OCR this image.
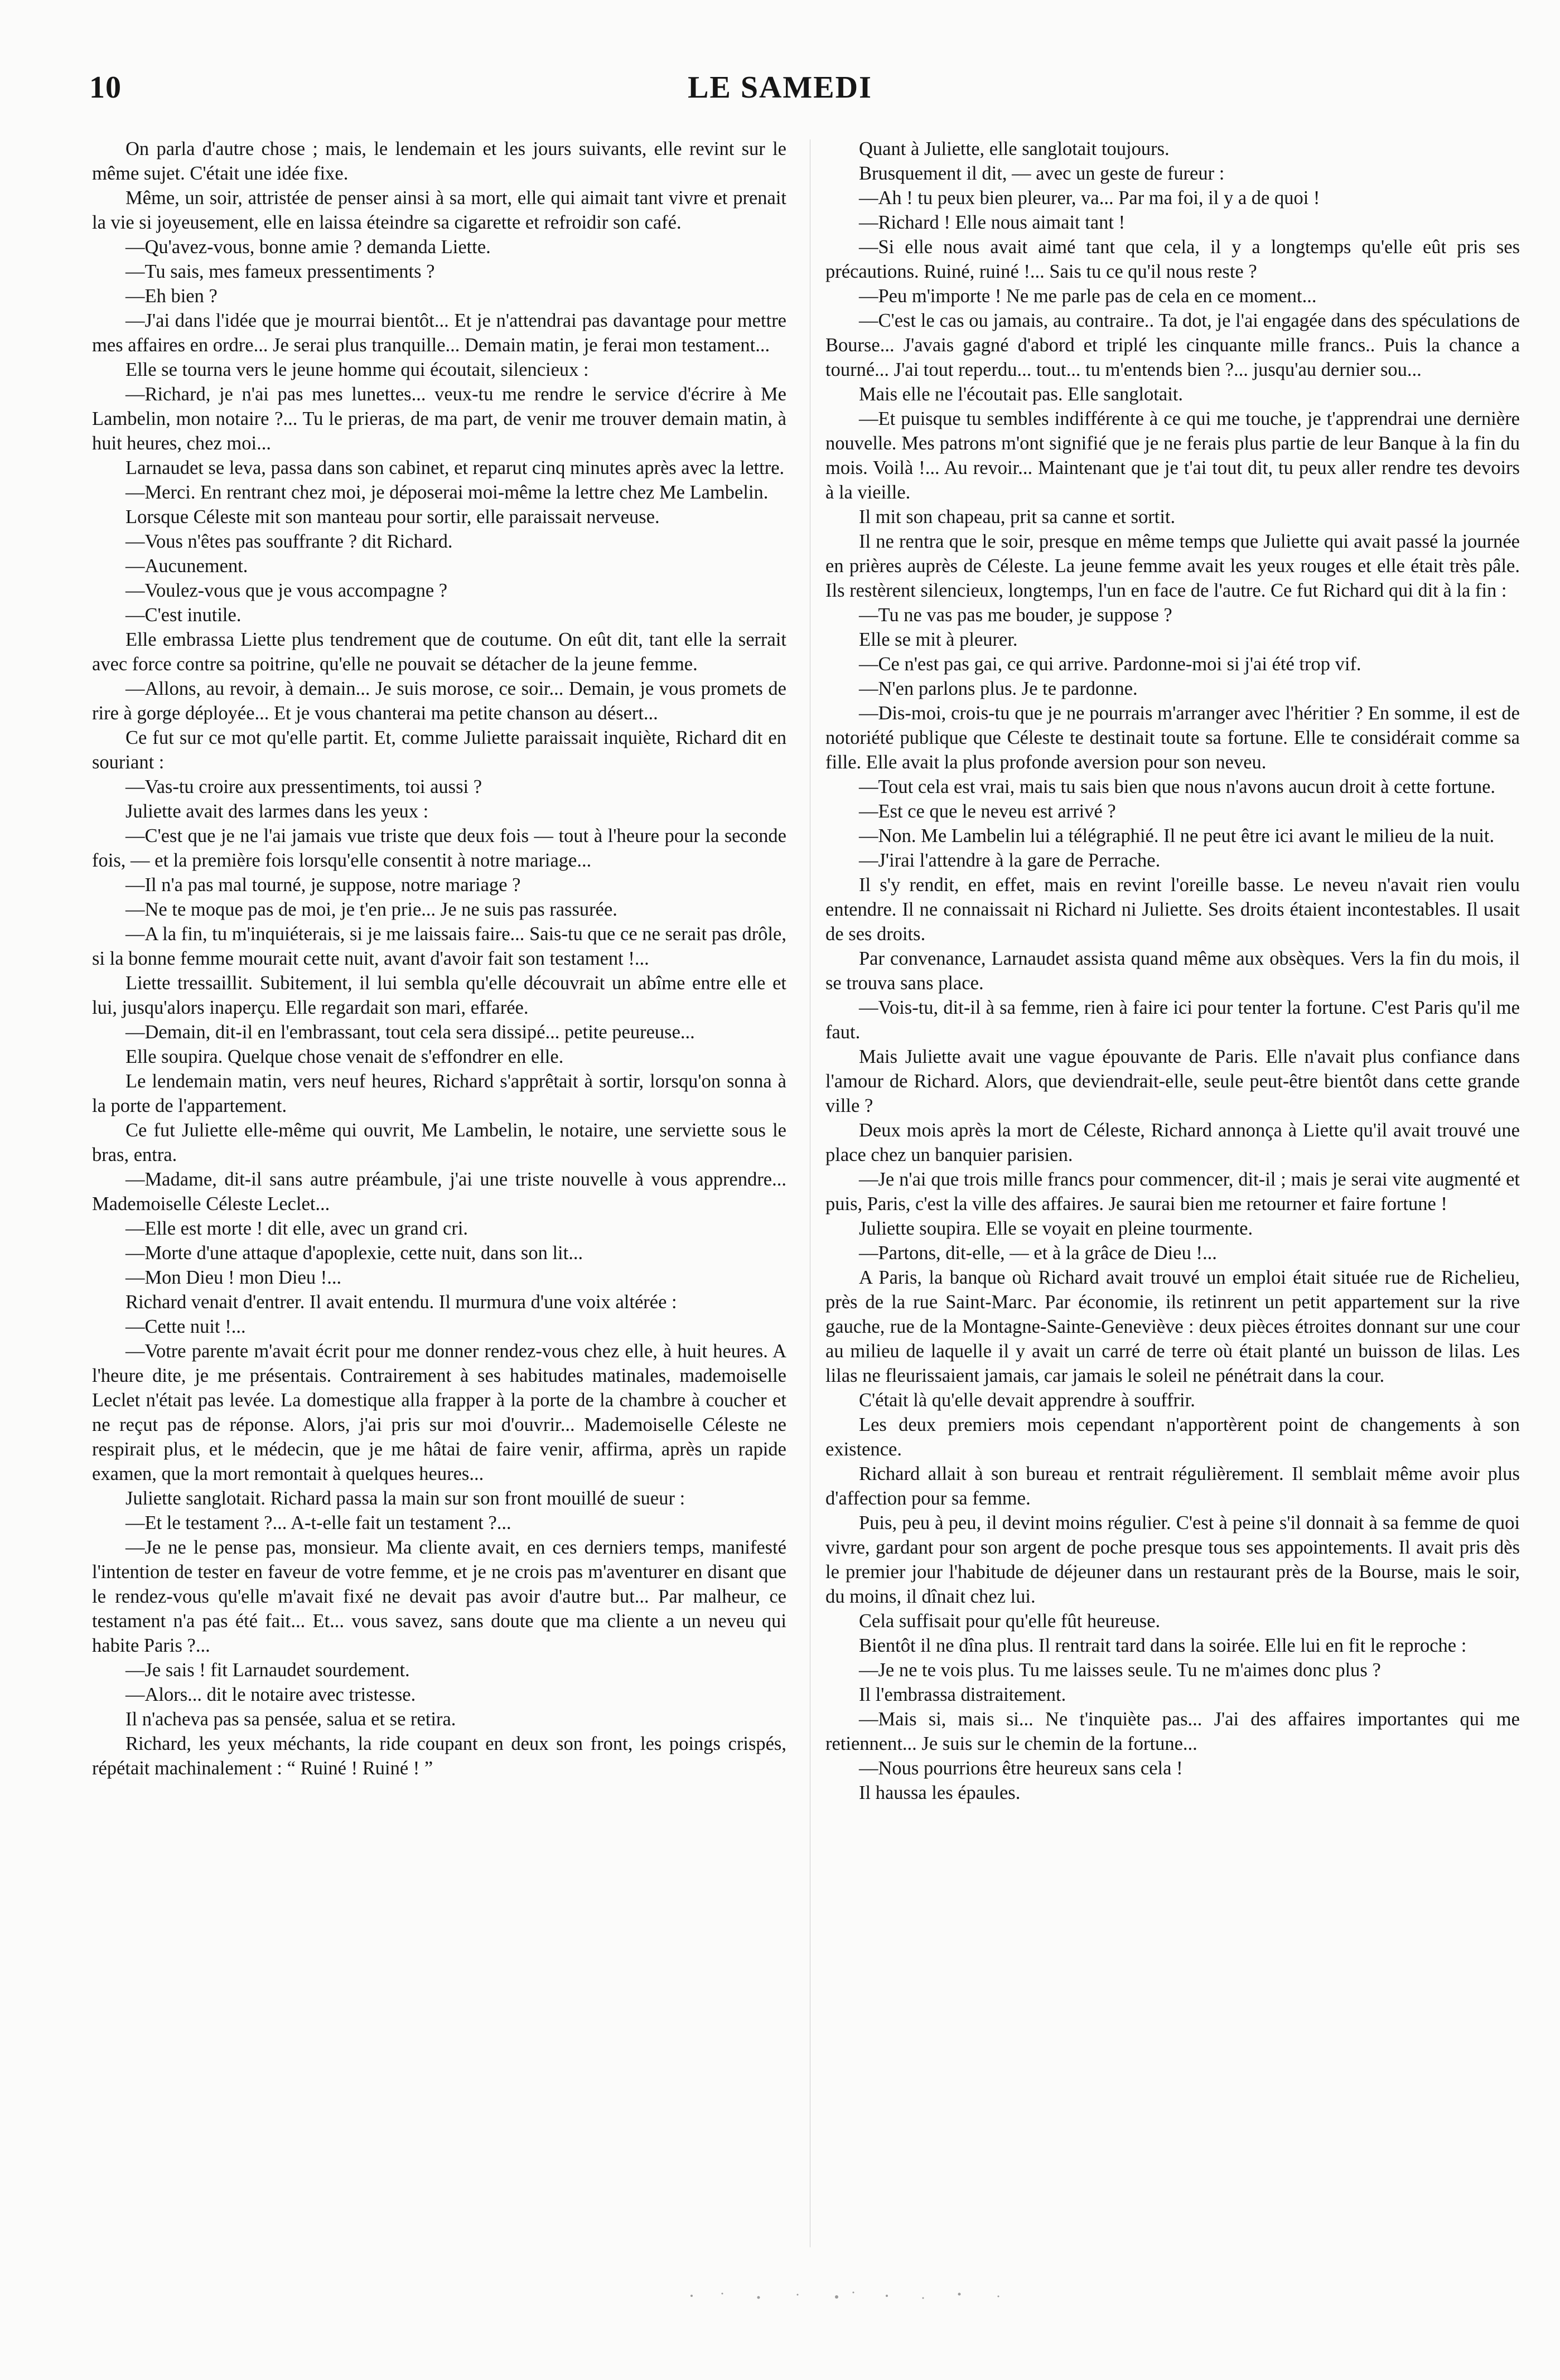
10	LE SAMEDI

On parla d'autre chose ; mais, le lendemain et les jours suivants, elle revint sur le même sujet. C'était une idée fixe.

Même, un soir, attristée de penser ainsi à sa mort, elle qui aimait tant vivre et prenait la vie si joyeusement, elle en laissa éteindre sa cigarette et refroidir son café.

—Qu'avez-vous, bonne amie ? demanda Liette.

—Tu sais, mes fameux pressentiments ?

—Eh bien ?

—J'ai dans l'idée que je mourrai bientôt... Et je n'attendrai pas davantage pour mettre mes affaires en ordre... Je serai plus tranquille... Demain matin, je ferai mon testament...

Elle se tourna vers le jeune homme qui écoutait, silencieux :

—Richard, je n'ai pas mes lunettes... veux-tu me rendre le service d'écrire à Me Lambelin, mon notaire ?... Tu le prieras, de ma part, de venir me trouver demain matin, à huit heures, chez moi...

Larnaudet se leva, passa dans son cabinet, et reparut cinq minutes après avec la lettre.

—Merci. En rentrant chez moi, je déposerai moi-même la lettre chez Me Lambelin.

Lorsque Céleste mit son manteau pour sortir, elle paraissait nerveuse.

—Vous n'êtes pas souffrante ? dit Richard.

—Aucunement.

—Voulez-vous que je vous accompagne ?

—C'est inutile.

Elle embrassa Liette plus tendrement que de coutume. On eût dit, tant elle la serrait avec force contre sa poitrine, qu'elle ne pouvait se détacher de la jeune femme.

—Allons, au revoir, à demain... Je suis morose, ce soir... Demain, je vous promets de rire à gorge déployée... Et je vous chanterai ma petite chanson au désert...

Ce fut sur ce mot qu'elle partit. Et, comme Juliette paraissait inquiète, Richard dit en souriant :

—Vas-tu croire aux pressentiments, toi aussi ?

Juliette avait des larmes dans les yeux :

—C'est que je ne l'ai jamais vue triste que deux fois — tout à l'heure pour la seconde fois, — et la première fois lorsqu'elle consentit à notre mariage...

—Il n'a pas mal tourné, je suppose, notre mariage ?

—Ne te moque pas de moi, je t'en prie... Je ne suis pas rassurée.

—A la fin, tu m'inquiéterais, si je me laissais faire... Sais-tu que ce ne serait pas drôle, si la bonne femme mourait cette nuit, avant d'avoir fait son testament !...

Liette tressaillit. Subitement, il lui sembla qu'elle découvrait un abîme entre elle et lui, jusqu'alors inaperçu. Elle regardait son mari, effarée.

—Demain, dit-il en l'embrassant, tout cela sera dissipé... petite peureuse...

Elle soupira. Quelque chose venait de s'effondrer en elle.

Le lendemain matin, vers neuf heures, Richard s'apprêtait à sortir, lorsqu'on sonna à la porte de l'appartement.

Ce fut Juliette elle-même qui ouvrit, Me Lambelin, le notaire, une serviette sous le bras, entra.

—Madame, dit-il sans autre préambule, j'ai une triste nouvelle à vous apprendre... Mademoiselle Céleste Leclet...

—Elle est morte ! dit elle, avec un grand cri.

—Morte d'une attaque d'apoplexie, cette nuit, dans son lit...

—Mon Dieu ! mon Dieu !...

Richard venait d'entrer. Il avait entendu. Il murmura d'une voix altérée :

—Cette nuit !...

—Votre parente m'avait écrit pour me donner rendez-vous chez elle, à huit heures. A l'heure dite, je me présentais. Contrairement à ses habitudes matinales, mademoiselle Leclet n'était pas levée. La domestique alla frapper à la porte de la chambre à coucher et ne reçut pas de réponse. Alors, j'ai pris sur moi d'ouvrir... Mademoiselle Céleste ne respirait plus, et le médecin, que je me hâtai de faire venir, affirma, après un rapide examen, que la mort remontait à quelques heures...

Juliette sanglotait. Richard passa la main sur son front mouillé de sueur :

—Et le testament ?... A-t-elle fait un testament ?...

—Je ne le pense pas, monsieur. Ma cliente avait, en ces derniers temps, manifesté l'intention de tester en faveur de votre femme, et je ne crois pas m'aventurer en disant que le rendez-vous qu'elle m'avait fixé ne devait pas avoir d'autre but... Par malheur, ce testament n'a pas été fait... Et... vous savez, sans doute que ma cliente a un neveu qui habite Paris ?...

—Je sais ! fit Larnaudet sourdement.

—Alors... dit le notaire avec tristesse.

Il n'acheva pas sa pensée, salua et se retira.

Richard, les yeux méchants, la ride coupant en deux son front, les poings crispés, répétait machinalement : “ Ruiné ! Ruiné ! ”

Quant à Juliette, elle sanglotait toujours.

Brusquement il dit, — avec un geste de fureur :

—Ah ! tu peux bien pleurer, va... Par ma foi, il y a de quoi !

—Richard ! Elle nous aimait tant !

—Si elle nous avait aimé tant que cela, il y a longtemps qu'elle eût pris ses précautions. Ruiné, ruiné !... Sais tu ce qu'il nous reste ?

—Peu m'importe ! Ne me parle pas de cela en ce moment...

—C'est le cas ou jamais, au contraire.. Ta dot, je l'ai engagée dans des spéculations de Bourse... J'avais gagné d'abord et triplé les cinquante mille francs.. Puis la chance a tourné... J'ai tout reperdu... tout... tu m'entends bien ?... jusqu'au dernier sou...

Mais elle ne l'écoutait pas. Elle sanglotait.

—Et puisque tu sembles indifférente à ce qui me touche, je t'apprendrai une dernière nouvelle. Mes patrons m'ont signifié que je ne ferais plus partie de leur Banque à la fin du mois. Voilà !... Au revoir... Maintenant que je t'ai tout dit, tu peux aller rendre tes devoirs à la vieille.

Il mit son chapeau, prit sa canne et sortit.

Il ne rentra que le soir, presque en même temps que Juliette qui avait passé la journée en prières auprès de Céleste. La jeune femme avait les yeux rouges et elle était très pâle. Ils restèrent silencieux, longtemps, l'un en face de l'autre. Ce fut Richard qui dit à la fin :

—Tu ne vas pas me bouder, je suppose ?

Elle se mit à pleurer.

—Ce n'est pas gai, ce qui arrive. Pardonne-moi si j'ai été trop vif.

—N'en parlons plus. Je te pardonne.

—Dis-moi, crois-tu que je ne pourrais m'arranger avec l'héritier ? En somme, il est de notoriété publique que Céleste te destinait toute sa fortune. Elle te considérait comme sa fille. Elle avait la plus profonde aversion pour son neveu.

—Tout cela est vrai, mais tu sais bien que nous n'avons aucun droit à cette fortune.

—Est ce que le neveu est arrivé ?

—Non. Me Lambelin lui a télégraphié. Il ne peut être ici avant le milieu de la nuit.

—J'irai l'attendre à la gare de Perrache.

Il s'y rendit, en effet, mais en revint l'oreille basse. Le neveu n'avait rien voulu entendre. Il ne connaissait ni Richard ni Juliette. Ses droits étaient incontestables. Il usait de ses droits.

Par convenance, Larnaudet assista quand même aux obsèques. Vers la fin du mois, il se trouva sans place.

—Vois-tu, dit-il à sa femme, rien à faire ici pour tenter la fortune. C'est Paris qu'il me faut.

Mais Juliette avait une vague épouvante de Paris. Elle n'avait plus confiance dans l'amour de Richard. Alors, que deviendrait-elle, seule peut-être bientôt dans cette grande ville ?

Deux mois après la mort de Céleste, Richard annonça à Liette qu'il avait trouvé une place chez un banquier parisien.

—Je n'ai que trois mille francs pour commencer, dit-il ; mais je serai vite augmenté et puis, Paris, c'est la ville des affaires. Je saurai bien me retourner et faire fortune !

Juliette soupira. Elle se voyait en pleine tourmente.

—Partons, dit-elle, — et à la grâce de Dieu !...

A Paris, la banque où Richard avait trouvé un emploi était située rue de Richelieu, près de la rue Saint-Marc. Par économie, ils retinrent un petit appartement sur la rive gauche, rue de la Montagne-Sainte-Geneviève : deux pièces étroites donnant sur une cour au milieu de laquelle il y avait un carré de terre où était planté un buisson de lilas. Les lilas ne fleurissaient jamais, car jamais le soleil ne pénétrait dans la cour.

C'était là qu'elle devait apprendre à souffrir.

Les deux premiers mois cependant n'apportèrent point de changements à son existence.

Richard allait à son bureau et rentrait régulièrement. Il semblait même avoir plus d'affection pour sa femme.

Puis, peu à peu, il devint moins régulier. C'est à peine s'il donnait à sa femme de quoi vivre, gardant pour son argent de poche presque tous ses appointements. Il avait pris dès le premier jour l'habitude de déjeuner dans un restaurant près de la Bourse, mais le soir, du moins, il dînait chez lui.

Cela suffisait pour qu'elle fût heureuse.

Bientôt il ne dîna plus. Il rentrait tard dans la soirée. Elle lui en fit le reproche :

—Je ne te vois plus. Tu me laisses seule. Tu ne m'aimes donc plus ?

Il l'embrassa distraitement.

—Mais si, mais si... Ne t'inquiète pas... J'ai des affaires importantes qui me retiennent... Je suis sur le chemin de la fortune...

—Nous pourrions être heureux sans cela !

Il haussa les épaules.
